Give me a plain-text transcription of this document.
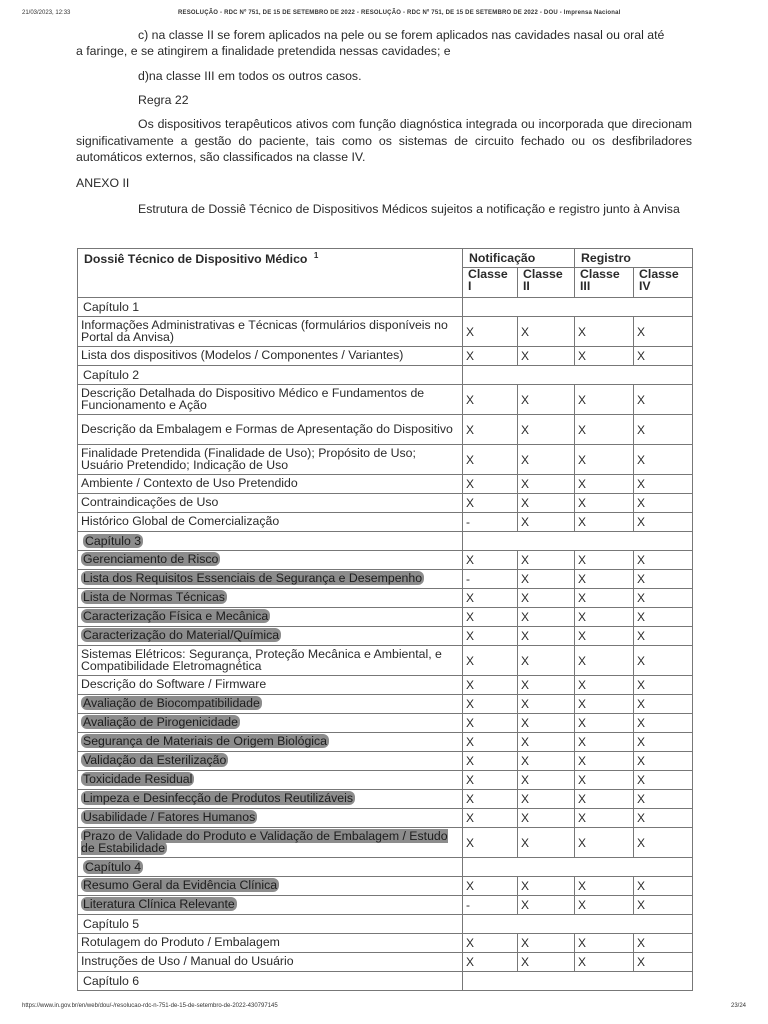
21/03/2023, 12:33	RESOLUÇÃO - RDC Nº 751, DE 15 DE SETEMBRO DE 2022 - RESOLUÇÃO - RDC Nº 751, DE 15 DE SETEMBRO DE 2022 - DOU - Imprensa Nacional
c) na classe II se forem aplicados na pele ou se forem aplicados nas cavidades nasal ou oral até
a faringe, e se atingirem a finalidade pretendida nessas cavidades; e
d)na classe III em todos os outros casos.
Regra 22
Os dispositivos terapêuticos ativos com função diagnóstica integrada ou incorporada que direcionam significativamente a gestão do paciente, tais como os sistemas de circuito fechado ou os desfibriladores automáticos externos, são classificados na classe IV.
ANEXO II
Estrutura de Dossiê Técnico de Dispositivos Médicos sujeitos a notificação e registro junto à Anvisa
Dossiê Técnico de Dispositivo Médico $^1$	Notificação		Registro	
	Classe I	Classe II	Classe III	Classe IV
Capítulo 1				
Informações Administrativas e Técnicas (formulários disponíveis no Portal da Anvisa)	X	X	X	X
Lista dos dispositivos (Modelos / Componentes / Variantes)	X	X	X	X
Capítulo 2				
Descrição Detalhada do Dispositivo Médico e Fundamentos de Funcionamento e Ação	X	X	X	X
Descrição da Embalagem e Formas de Apresentação do Dispositivo	X	X	X	X
Finalidade Pretendida (Finalidade de Uso); Propósito de Uso; Usuário Pretendido; Indicação de Uso	X	X	X	X
Ambiente / Contexto de Uso Pretendido	X	X	X	X
Contraindicações de Uso	X	X	X	X
Histórico Global de Comercialização	-	X	X	X
Capítulo 3				
Gerenciamento de Risco	X	X	X	X
Lista dos Requisitos Essenciais de Segurança e Desempenho	-	X	X	X
Lista de Normas Técnicas	X	X	X	X
Caracterização Física e Mecânica	X	X	X	X
Caracterização do Material/Química	X	X	X	X
Sistemas Elétricos: Segurança, Proteção Mecânica e Ambiental, e Compatibilidade Eletromagnética	X	X	X	X
Descrição do Software / Firmware	X	X	X	X
Avaliação de Biocompatibilidade	X	X	X	X
Avaliação de Pirogenicidade	X	X	X	X
Segurança de Materiais de Origem Biológica	X	X	X	X
Validação da Esterilização	X	X	X	X
Toxicidade Residual	X	X	X	X
Limpeza e Desinfecção de Produtos Reutilizáveis	X	X	X	X
Usabilidade / Fatores Humanos	X	X	X	X
Prazo de Validade do Produto e Validação de Embalagem / Estudo de Estabilidade	X	X	X	X
Capítulo 4				
Resumo Geral da Evidência Clínica	X	X	X	X
Literatura Clínica Relevante	-	X	X	X
Capítulo 5				
Rotulagem do Produto / Embalagem	X	X	X	X
Instruções de Uso / Manual do Usuário	X	X	X	X
Capítulo 6				
https://www.in.gov.br/en/web/dou/-/resolucao-rdc-n-751-de-15-de-setembro-de-2022-430797145	23/24
